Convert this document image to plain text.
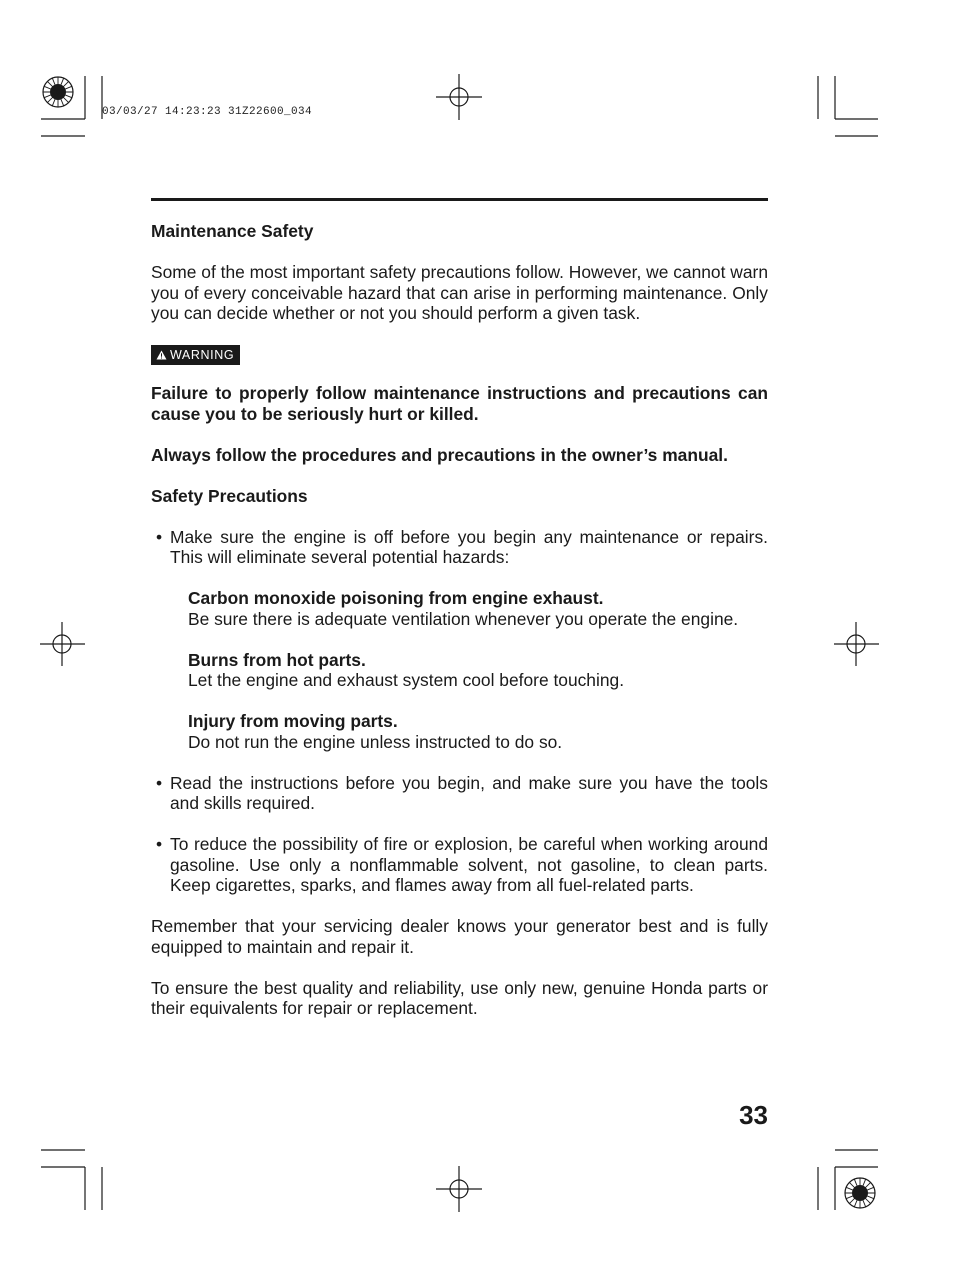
03/03/27 14:23:23 31Z22600_034

Maintenance Safety

Some of the most important safety precautions follow. However, we cannot warn you of every conceivable hazard that can arise in performing maintenance. Only you can decide whether or not you should perform a given task.

WARNING

Failure to properly follow maintenance instructions and precautions can cause you to be seriously hurt or killed.

Always follow the procedures and precautions in the owner’s manual.

Safety Precautions

• Make sure the engine is off before you begin any maintenance or repairs. This will eliminate several potential hazards:

Carbon monoxide poisoning from engine exhaust.
Be sure there is adequate ventilation whenever you operate the engine.
Burns from hot parts.
Let the engine and exhaust system cool before touching.
Injury from moving parts.
Do not run the engine unless instructed to do so.

• Read the instructions before you begin, and make sure you have the tools and skills required.

• To reduce the possibility of fire or explosion, be careful when working around gasoline. Use only a nonflammable solvent, not gasoline, to clean parts. Keep cigarettes, sparks, and flames away from all fuel-related parts.

Remember that your servicing dealer knows your generator best and is fully equipped to maintain and repair it.

To ensure the best quality and reliability, use only new, genuine Honda parts or their equivalents for repair or replacement.

33
